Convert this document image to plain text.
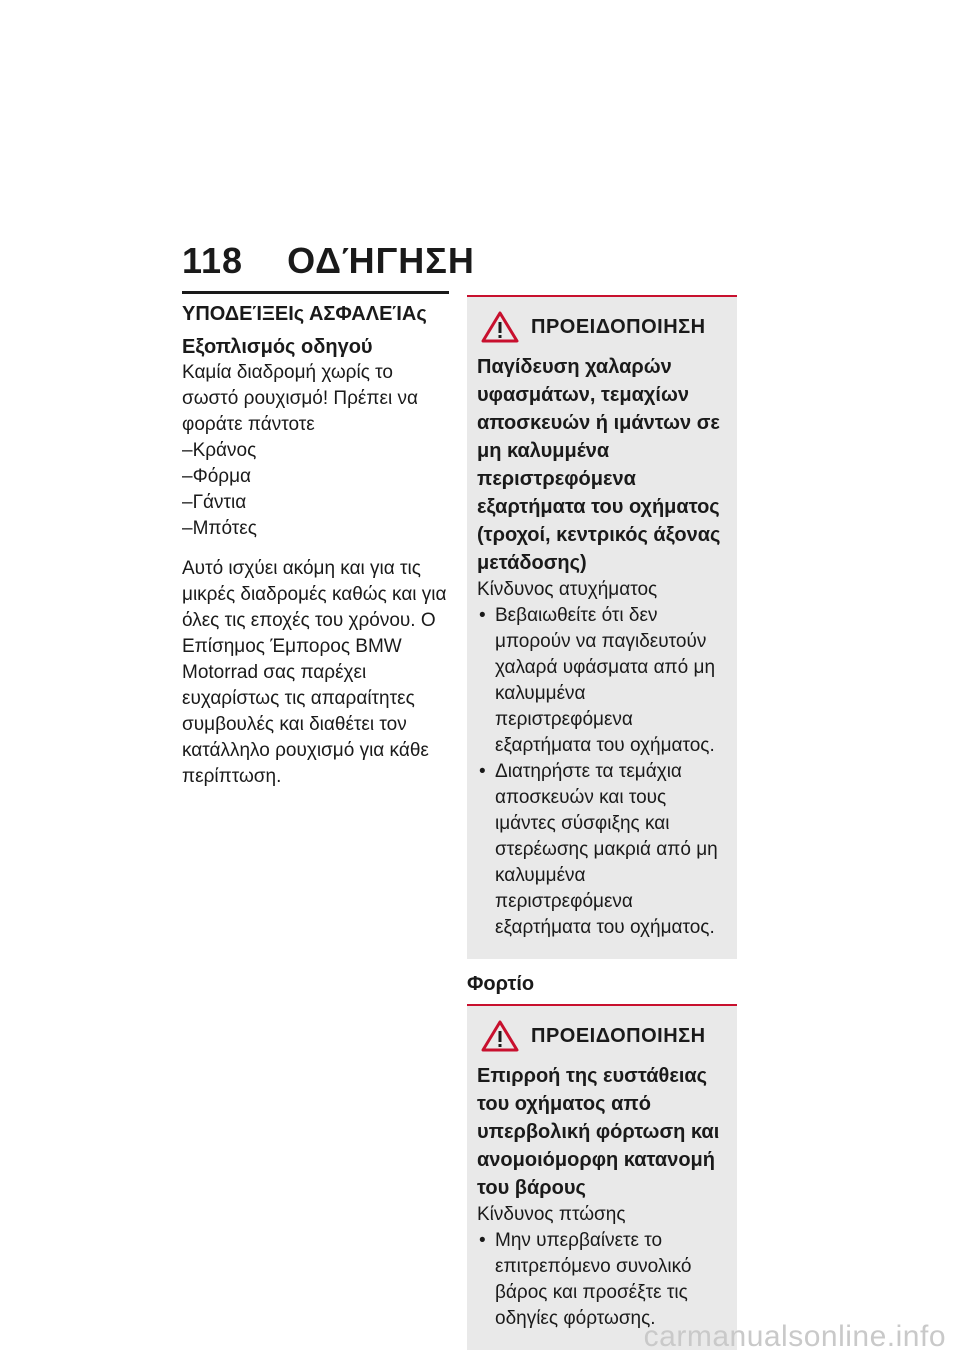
118 ΟΔΉΓΗΣΗ
ΥΠΟΔΕΊΞΕΙς ΑΣΦΑΛΕΊΑς
Εξοπλισμός οδηγού
Καμία διαδρομή χωρίς το σωστό ρουχισμό! Πρέπει να φοράτε πάντοτε
–Κράνος
–Φόρμα
–Γάντια
–Μπότες
Αυτό ισχύει ακόμη και για τις μικρές διαδρομές καθώς και για όλες τις εποχές του χρόνου. Ο Επίσημος Έμπορος BMW Motorrad σας παρέχει ευχαρίστως τις απαραίτητες συμβουλές και διαθέτει τον κατάλληλο ρουχισμό για κάθε περίπτωση.
ΠΡΟΕΙΔΟΠΟΙΗΣΗ
Παγίδευση χαλαρών υφασμάτων, τεμαχίων αποσκευών ή ιμάντων σε μη καλυμμένα περιστρεφόμενα εξαρτήματα του οχήματος (τροχοί, κεντρικός άξονας μετάδοσης)
Κίνδυνος ατυχήματος
• Βεβαιωθείτε ότι δεν μπορούν να παγιδευτούν χαλαρά υφάσματα από μη καλυμμένα περιστρεφόμενα εξαρτήματα του οχήματος.
• Διατηρήστε τα τεμάχια αποσκευών και τους ιμάντες σύσφιξης και στερέωσης μακριά από μη καλυμμένα περιστρεφόμενα εξαρτήματα του οχήματος.
Φορτίο
ΠΡΟΕΙΔΟΠΟΙΗΣΗ
Επιρροή της ευστάθειας του οχήματος από υπερβολική φόρτωση και ανομοιόμορφη κατανομή του βάρους
Κίνδυνος πτώσης
• Μην υπερβαίνετε το επιτρεπόμενο συνολικό βάρος και προσέξτε τις οδηγίες φόρτωσης.
carmanualsonline.info
